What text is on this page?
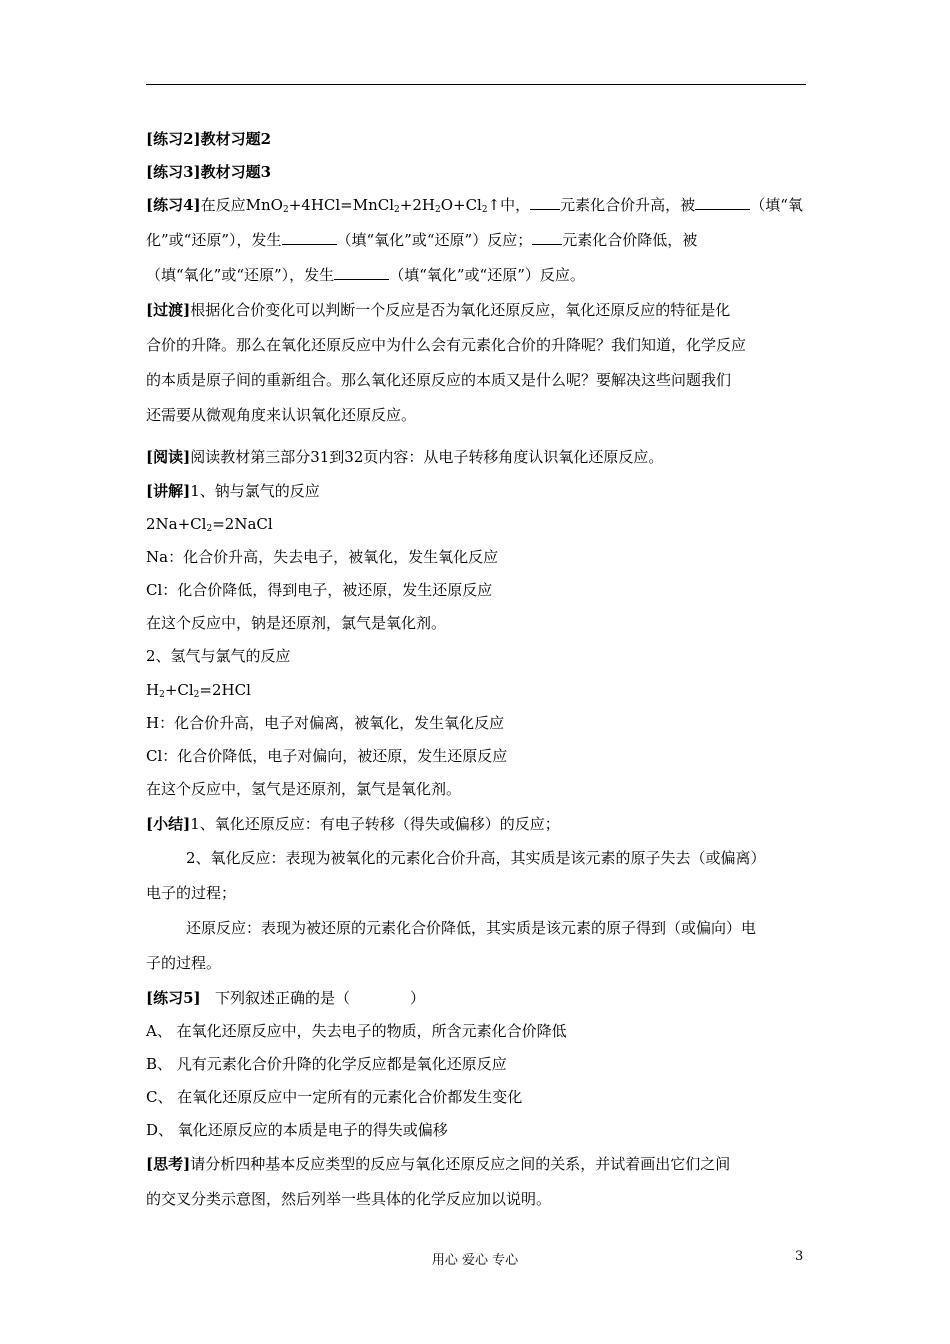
[练习2]教材习题2
[练习3]教材习题3
[练习4]在反应$MnO_2+4HCl=MnCl_2+2H_2O+Cl_2↑$中， 元素化合价升高，被	（填“氧
化”或“还原”），发生	（填“氧化”或“还原”）反应； 元素化合价降低，被
（填“氧化”或“还原”），发生	（填“氧化”或“还原”）反应。
[过渡]根据化合价变化可以判断一个反应是否为氧化还原反应，氧化还原反应的特征是化
合价的升降。那么在氧化还原反应中为什么会有元素化合价的升降呢？我们知道，化学反应
的本质是原子间的重新组合。那么氧化还原反应的本质又是什么呢？要解决这些问题我们
还需要从微观角度来认识氧化还原反应。
[阅读]阅读教材第三部分31到32页内容：从电子转移角度认识氧化还原反应。
[讲解]1、钠与氯气的反应
$2Na+Cl_2=2NaCl$
Na：化合价升高，失去电子，被氧化，发生氧化反应
Cl：化合价降低，得到电子，被还原，发生还原反应
在这个反应中，钠是还原剂，氯气是氧化剂。
2、氢气与氯气的反应
$H_2+Cl_2=2HCl$
H：化合价升高，电子对偏离，被氧化，发生氧化反应
Cl：化合价降低，电子对偏向，被还原，发生还原反应
在这个反应中，氢气是还原剂，氯气是氧化剂。
[小结]1、氧化还原反应：有电子转移（得失或偏移）的反应；
2、氧化反应：表现为被氧化的元素化合价升高，其实质是该元素的原子失去（或偏离）
电子的过程；
还原反应：表现为被还原的元素化合价降低，其实质是该元素的原子得到（或偏向）电
子的过程。
[练习5] 下列叙述正确的是（	）
A、 在氧化还原反应中，失去电子的物质，所含元素化合价降低
B、 凡有元素化合价升降的化学反应都是氧化还原反应
C、 在氧化还原反应中一定所有的元素化合价都发生变化
D、 氧化还原反应的本质是电子的得失或偏移
[思考]请分析四种基本反应类型的反应与氧化还原反应之间的关系，并试着画出它们之间
的交叉分类示意图，然后列举一些具体的化学反应加以说明。
用心 爱心 专心	3
